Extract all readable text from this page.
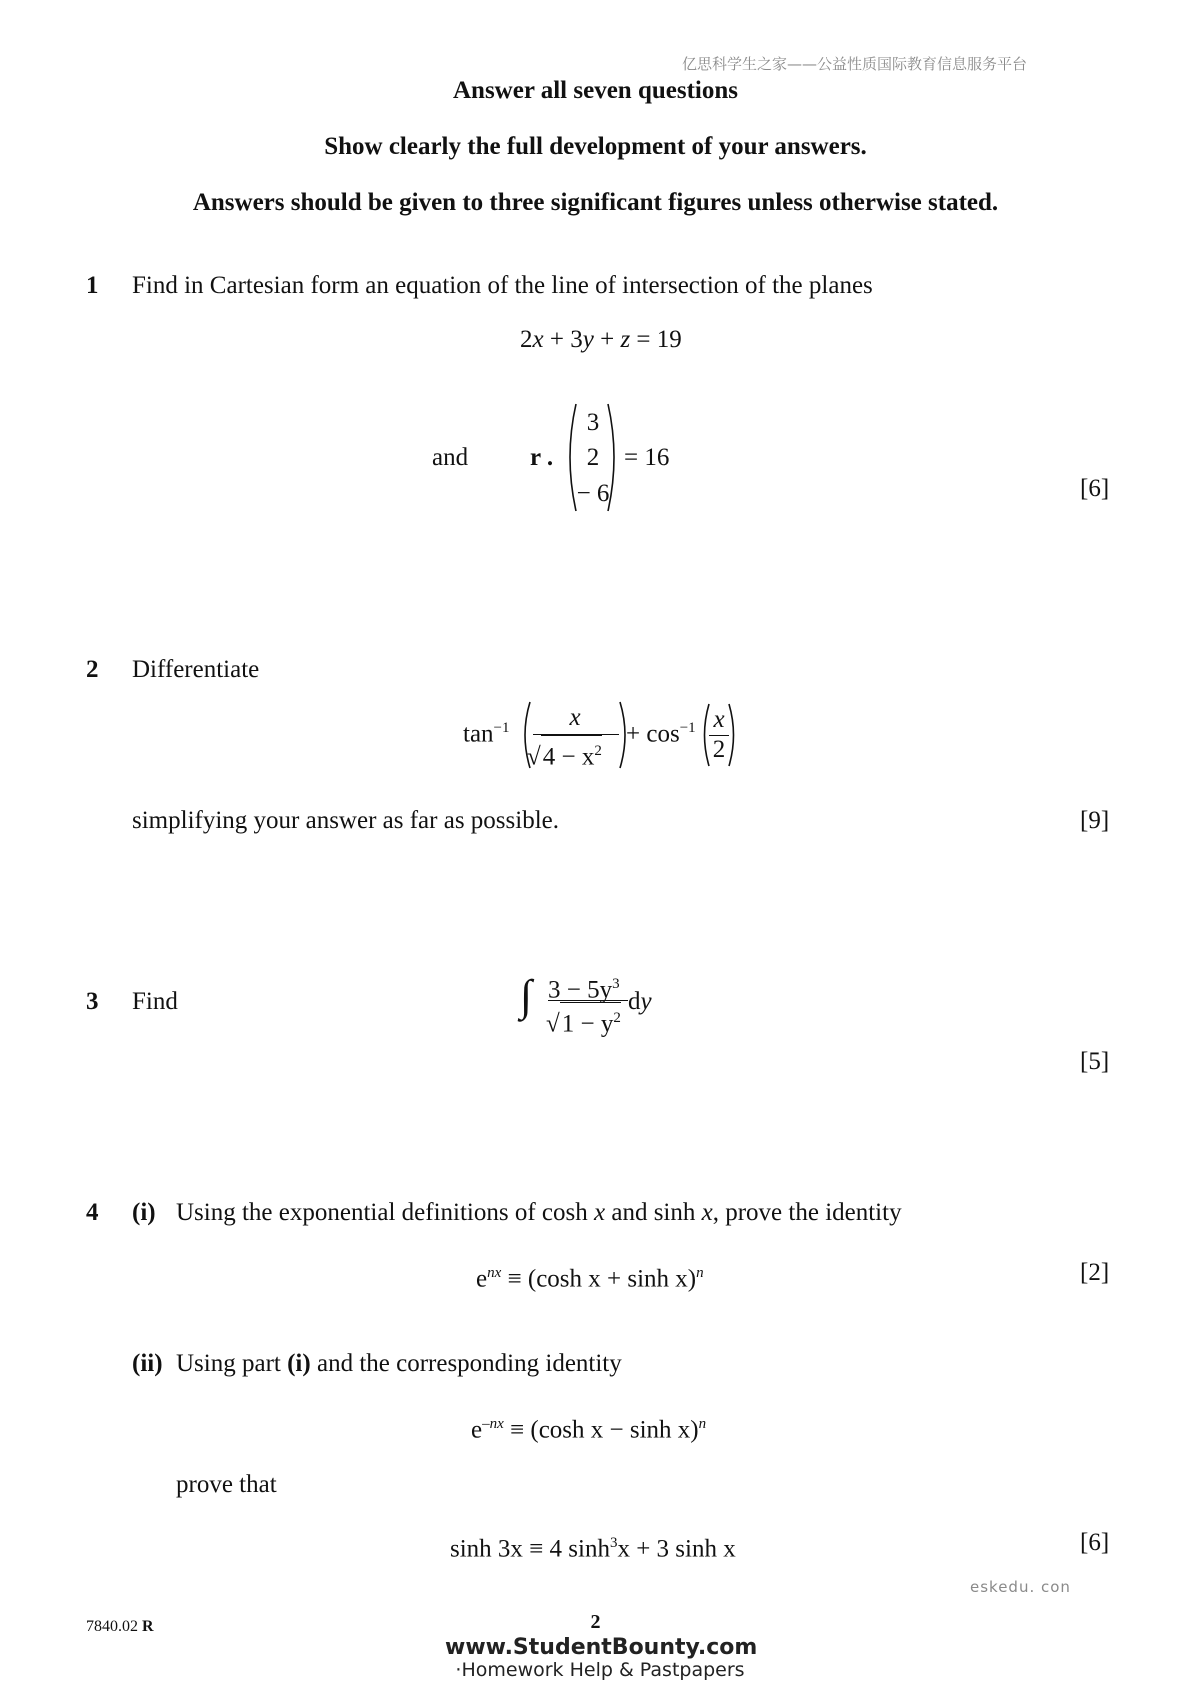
亿思科学生之家——公益性质国际教育信息服务平台
Answer all seven questions
Show clearly the full development of your answers.
Answers should be given to three significant figures unless otherwise stated.
1 Find in Cartesian form an equation of the line of intersection of the planes
2x + 3y + z = 19
and r .
3
2
− 6
= 16
[6]
2 Differentiate
$\tan^{-1}$	x
$√4 - x^2$
+ $\cos^{-1} x$
2
simplifying your answer as far as possible.	[9]
3 Find	∫ $3 - 5y^3$
$√1 - y^2$
dy
[5]
4 (i) Using the exponential definitions of cosh x and sinh x, prove the identity
$e^{nx} \equiv (\cosh$ x + sinh x)$^n$	[2]
(ii) Using part (i) and the corresponding identity
$e^{-nx} \equiv (\cosh$ x − sinh x)$^n$
prove that
sinh 3x ≡ 4 $\sinh^3x + 3$ sinh x	[6]
eskedu. con
7840.02 R	2
www.StudentBounty.com
·Homework Help & Pastpapers
